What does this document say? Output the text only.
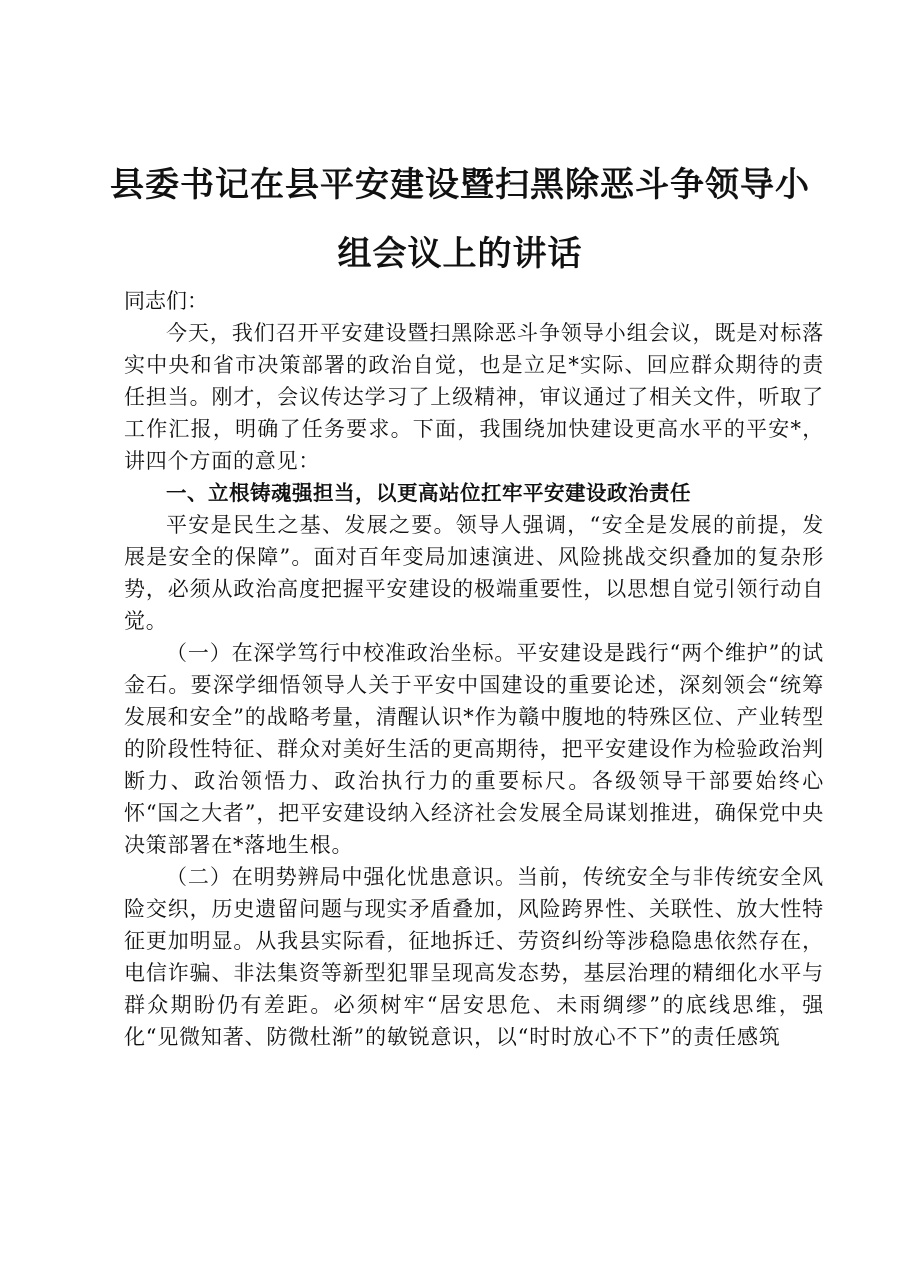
县委书记在县平安建设暨扫黑除恶斗争领导小
组会议上的讲话

同志们：

今天，我们召开平安建设暨扫黑除恶斗争领导小组会议，既是对标落实中央和省市决策部署的政治自觉，也是立足*实际、回应群众期待的责任担当。刚才，会议传达学习了上级精神，审议通过了相关文件，听取了工作汇报，明确了任务要求。下面，我围绕加快建设更高水平的平安*，讲四个方面的意见：

一、立根铸魂强担当，以更高站位扛牢平安建设政治责任

平安是民生之基、发展之要。领导人强调，“安全是发展的前提，发展是安全的保障”。面对百年变局加速演进、风险挑战交织叠加的复杂形势，必须从政治高度把握平安建设的极端重要性，以思想自觉引领行动自觉。

（一）在深学笃行中校准政治坐标。平安建设是践行“两个维护”的试金石。要深学细悟领导人关于平安中国建设的重要论述，深刻领会“统筹发展和安全”的战略考量，清醒认识*作为赣中腹地的特殊区位、产业转型的阶段性特征、群众对美好生活的更高期待，把平安建设作为检验政治判断力、政治领悟力、政治执行力的重要标尺。各级领导干部要始终心怀“国之大者”，把平安建设纳入经济社会发展全局谋划推进，确保党中央决策部署在*落地生根。

（二）在明势辨局中强化忧患意识。当前，传统安全与非传统安全风险交织，历史遗留问题与现实矛盾叠加，风险跨界性、关联性、放大性特征更加明显。从我县实际看，征地拆迁、劳资纠纷等涉稳隐患依然存在，电信诈骗、非法集资等新型犯罪呈现高发态势，基层治理的精细化水平与群众期盼仍有差距。必须树牢“居安思危、未雨绸缪”的底线思维，强化“见微知著、防微杜渐”的敏锐意识，以“时时放心不下”的责任感筑
